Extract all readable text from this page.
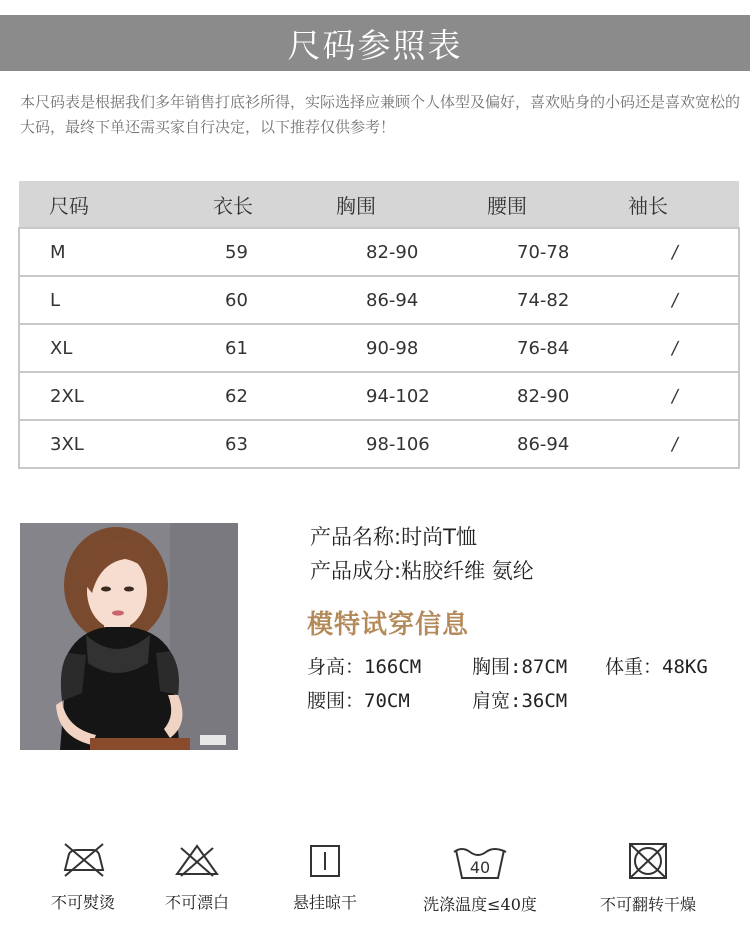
尺码参照表
本尺码表是根据我们多年销售打底衫所得，实际选择应兼顾个人体型及偏好，喜欢贴身的小码还是喜欢宽松的大码，最终下单还需买家自行决定，以下推荐仅供参考！
尺码	衣长	胸围	腰围	袖长
M	59	82-90	70-78	/
L	60	86-94	74-82	/
XL	61	90-98	76-84	/
2XL	62	94-102	82-90	/
3XL	63	98-106	86-94	/
产品名称:时尚T恤
产品成分:粘胶纤维 氨纶
模特试穿信息
身高：166CM	胸围:87CM 体重：48KG
腰围：70CM	肩宽:36CM
不可熨烫	不可漂白	悬挂晾干
40
洗涤温度≤40度	不可翻转干燥
